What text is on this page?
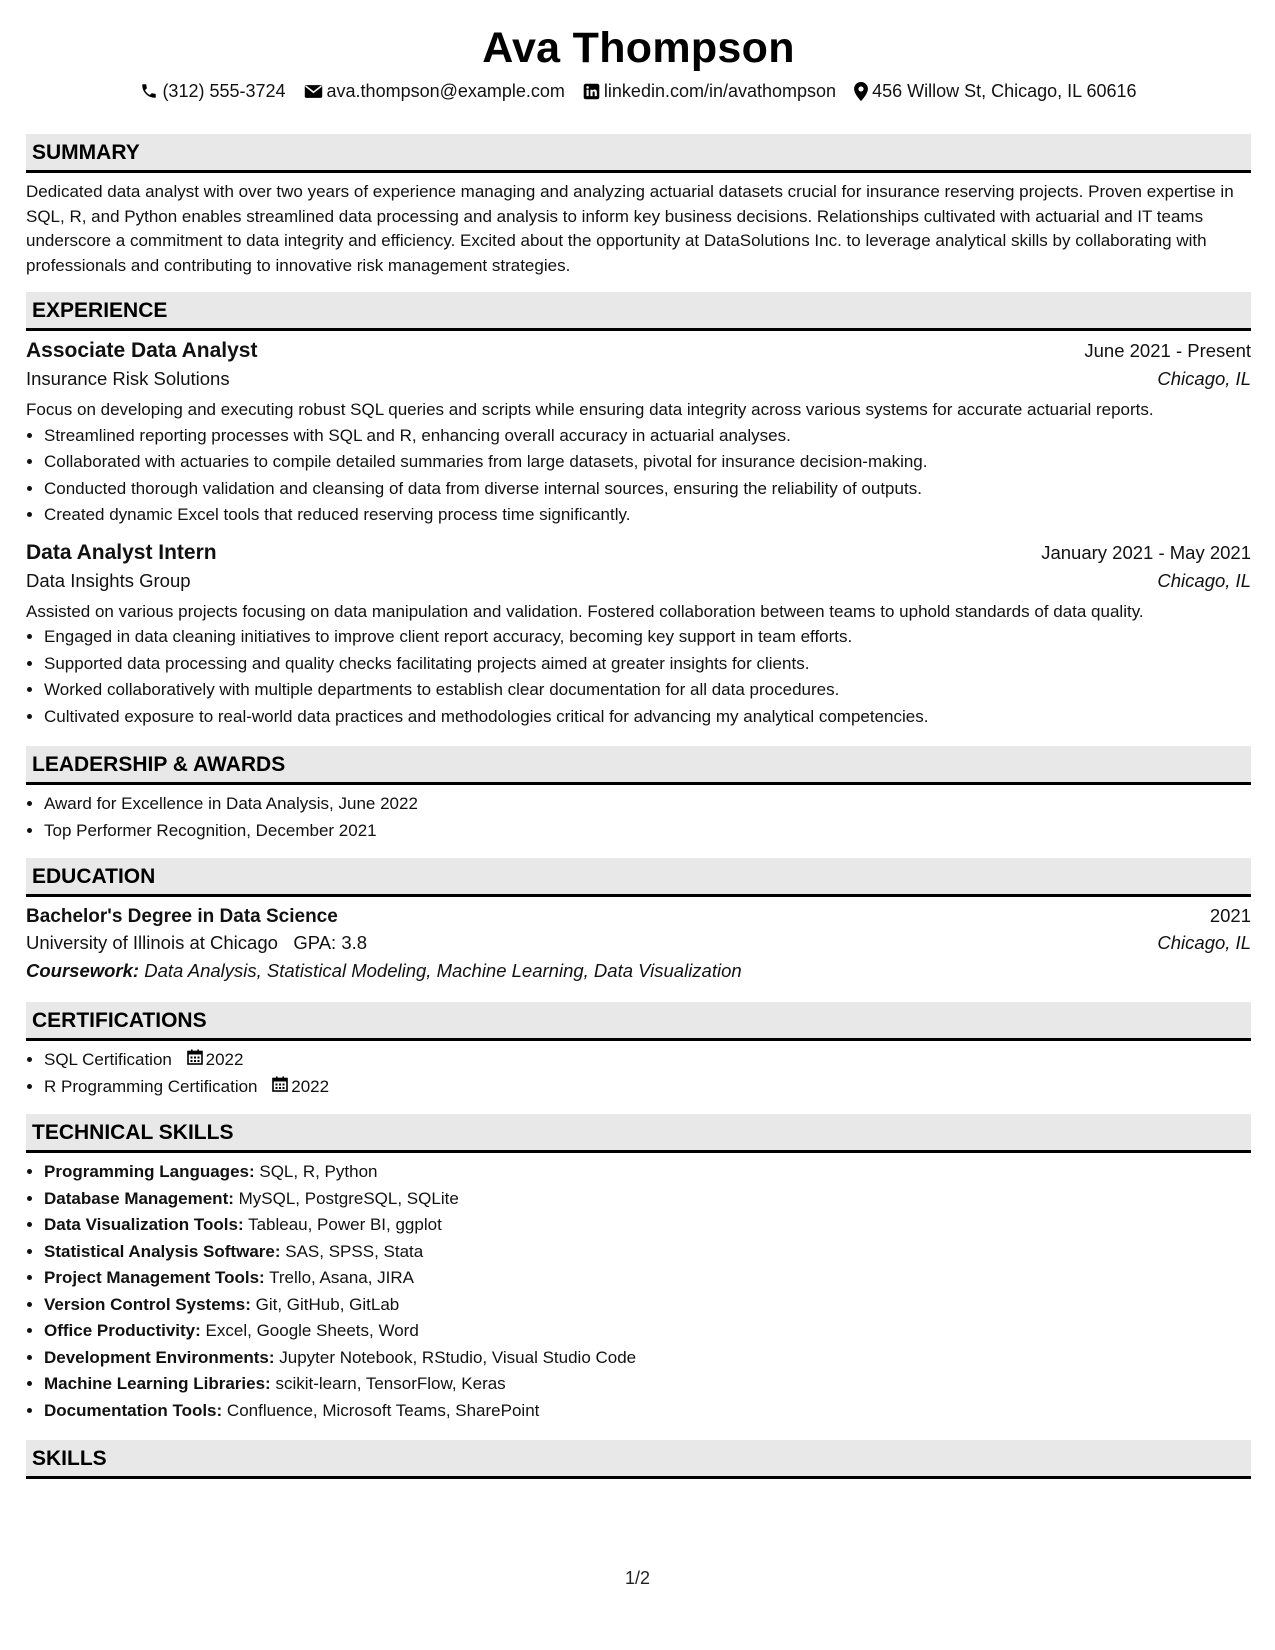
Ava Thompson
(312) 555-3724 ava.thompson@example.com linkedin.com/in/avathompson 456 Willow St, Chicago, IL 60616
SUMMARY
Dedicated data analyst with over two years of experience managing and analyzing actuarial datasets crucial for insurance reserving projects. Proven expertise in SQL, R, and Python enables streamlined data processing and analysis to inform key business decisions. Relationships cultivated with actuarial and IT teams underscore a commitment to data integrity and efficiency. Excited about the opportunity at DataSolutions Inc. to leverage analytical skills by collaborating with professionals and contributing to innovative risk management strategies.
EXPERIENCE
Associate Data Analyst	June 2021 - Present
Insurance Risk Solutions	Chicago, IL
Focus on developing and executing robust SQL queries and scripts while ensuring data integrity across various systems for accurate actuarial reports.
• Streamlined reporting processes with SQL and R, enhancing overall accuracy in actuarial analyses.
• Collaborated with actuaries to compile detailed summaries from large datasets, pivotal for insurance decision-making.
• Conducted thorough validation and cleansing of data from diverse internal sources, ensuring the reliability of outputs.
• Created dynamic Excel tools that reduced reserving process time significantly.
Data Analyst Intern	January 2021 - May 2021
Data Insights Group	Chicago, IL
Assisted on various projects focusing on data manipulation and validation. Fostered collaboration between teams to uphold standards of data quality.
• Engaged in data cleaning initiatives to improve client report accuracy, becoming key support in team efforts.
• Supported data processing and quality checks facilitating projects aimed at greater insights for clients.
• Worked collaboratively with multiple departments to establish clear documentation for all data procedures.
• Cultivated exposure to real-world data practices and methodologies critical for advancing my analytical competencies.
LEADERSHIP & AWARDS
• Award for Excellence in Data Analysis, June 2022
• Top Performer Recognition, December 2021
EDUCATION
Bachelor's Degree in Data Science	2021
University of Illinois at Chicago GPA: 3.8	Chicago, IL
Coursework: Data Analysis, Statistical Modeling, Machine Learning, Data Visualization
CERTIFICATIONS
• SQL Certification 2022
• R Programming Certification 2022
TECHNICAL SKILLS
• Programming Languages: SQL, R, Python
• Database Management: MySQL, PostgreSQL, SQLite
• Data Visualization Tools: Tableau, Power BI, ggplot
• Statistical Analysis Software: SAS, SPSS, Stata
• Project Management Tools: Trello, Asana, JIRA
• Version Control Systems: Git, GitHub, GitLab
• Office Productivity: Excel, Google Sheets, Word
• Development Environments: Jupyter Notebook, RStudio, Visual Studio Code
• Machine Learning Libraries: scikit-learn, TensorFlow, Keras
• Documentation Tools: Confluence, Microsoft Teams, SharePoint
SKILLS
1/2
